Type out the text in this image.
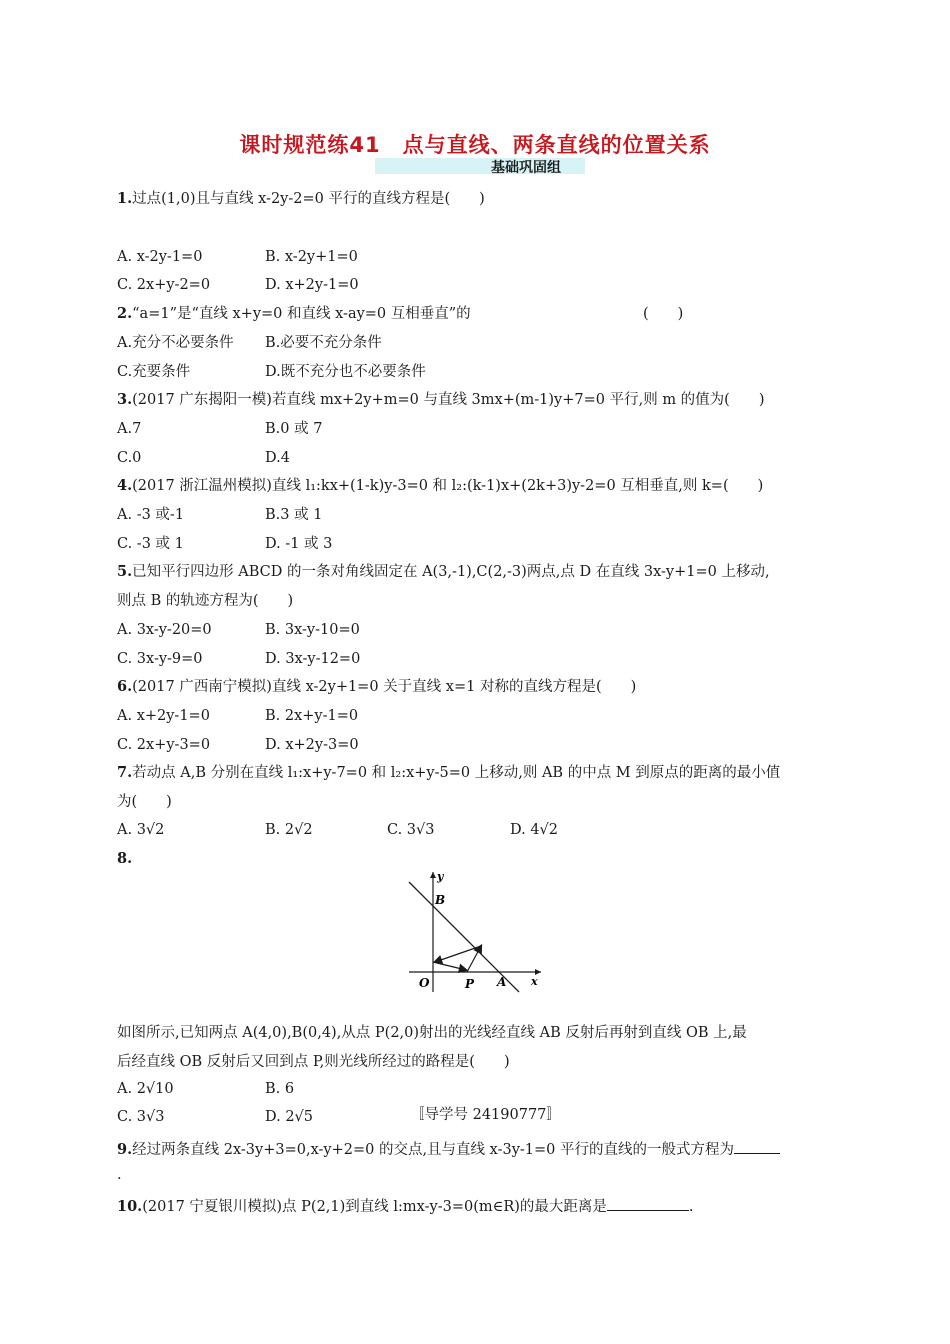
课时规范练41　点与直线、两条直线的位置关系
基础巩固组
1.过点(1,0)且与直线 x-2y-2=0 平行的直线方程是(　　)
A. x-2y-1=0	B. x-2y+1=0
C. 2x+y-2=0	D. x+2y-1=0
2.“a=1”是“直线 x+y=0 和直线 x-ay=0 互相垂直”的	(　　)
A.充分不必要条件 B.必要不充分条件
C.充要条件	D.既不充分也不必要条件
3.(2017 广东揭阳一模)若直线 mx+2y+m=0 与直线 3mx+(m-1)y+7=0 平行,则 m 的值为(　　)
A.7	B.0 或 7
C.0	D.4
4.(2017 浙江温州模拟)直线 l₁:kx+(1-k)y-3=0 和 l₂:(k-1)x+(2k+3)y-2=0 互相垂直,则 k=(　　)
A. -3 或-1	B.3 或 1
C. -3 或 1	D. -1 或 3
5.已知平行四边形 ABCD 的一条对角线固定在 A(3,-1),C(2,-3)两点,点 D 在直线 3x-y+1=0 上移动,
则点 B 的轨迹方程为(　　)
A. 3x-y-20=0	B. 3x-y-10=0
C. 3x-y-9=0	D. 3x-y-12=0
6.(2017 广西南宁模拟)直线 x-2y+1=0 关于直线 x=1 对称的直线方程是(　　)
A. x+2y-1=0	B. 2x+y-1=0
C. 2x+y-3=0	D. x+2y-3=0
7.若动点 A,B 分别在直线 l₁:x+y-7=0 和 l₂:x+y-5=0 上移动,则 AB 的中点 M 到原点的距离的最小值
为(　　)
A. 3√2	B. 2√2	C. 3√3	D. 4√2
8.
y
B
O	P A x
如图所示,已知两点 A(4,0),B(0,4),从点 P(2,0)射出的光线经直线 AB 反射后再射到直线 OB 上,最
后经直线 OB 反射后又回到点 P,则光线所经过的路程是(　　)
A. 2√10	B. 6
C. 3√3	D. 2√5	〚导学号 24190777〛
9.经过两条直线 2x-3y+3=0,x-y+2=0 的交点,且与直线 x-3y-1=0 平行的直线的一般式方程为
.
10.(2017 宁夏银川模拟)点 P(2,1)到直线 l:mx-y-3=0(m∈R)的最大距离是	.
